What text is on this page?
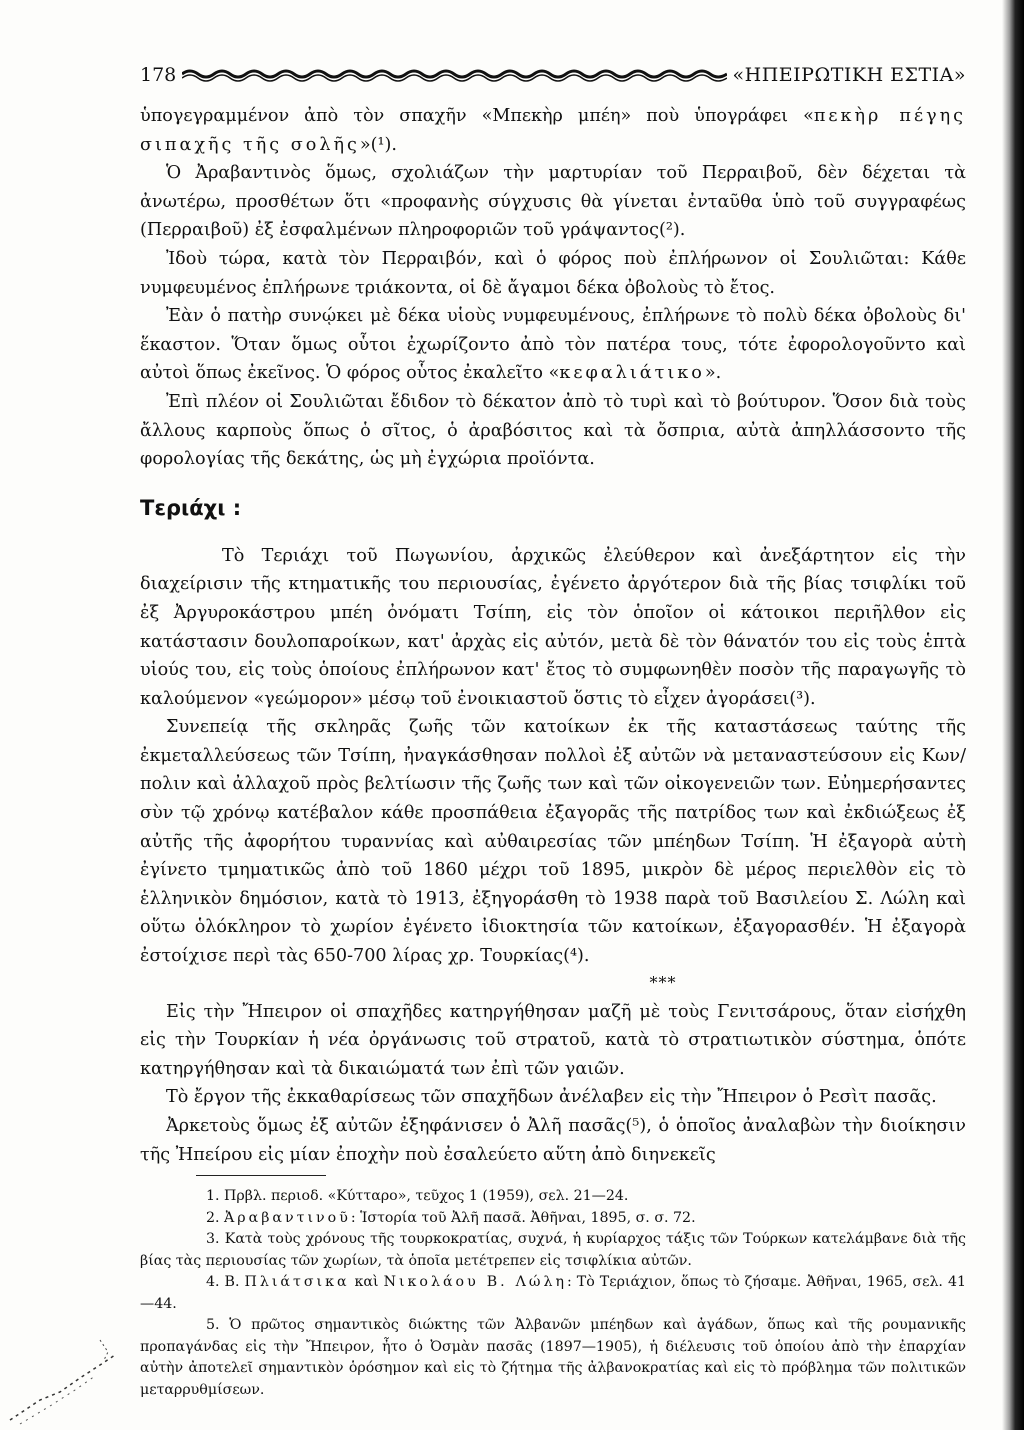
178	«ΗΠΕΙΡΩΤΙΚΗ ΕΣΤΙΑ»

ὑπογεγραμμένον ἀπὸ τὸν σπαχῆν «Μπεκὴρ μπέη» ποὺ ὑπογράφει «πεκὴρ πέγης σιπαχῆς τῆς σολῆς»(¹).

Ὁ Ἀραβαντινὸς ὅμως, σχολιάζων τὴν μαρτυρίαν τοῦ Περραιβοῦ, δὲν δέχεται τὰ ἀνωτέρω, προσθέτων ὅτι «προφανὴς σύγχυσις θὰ γίνεται ἐνταῦθα ὑπὸ τοῦ συγγραφέως (Περραιβοῦ) ἐξ ἐσφαλμένων πληροφοριῶν τοῦ γράψαντος(²).

Ἰδοὺ τώρα, κατὰ τὸν Περραιβόν, καὶ ὁ φόρος ποὺ ἐπλήρωνον οἱ Σουλιῶται: Κάθε νυμφευμένος ἐπλήρωνε τριάκοντα, οἱ δὲ ἄγαμοι δέκα ὀβολοὺς τὸ ἔτος.

Ἐὰν ὁ πατὴρ συνῴκει μὲ δέκα υἱοὺς νυμφευμένους, ἐπλήρωνε τὸ πολὺ δέκα ὀβολοὺς δι' ἕκαστον. Ὅταν ὅμως οὗτοι ἐχωρίζοντο ἀπὸ τὸν πατέρα τους, τότε ἐφορολογοῦντο καὶ αὐτοὶ ὅπως ἐκεῖνος. Ὁ φόρος οὗτος ἐκαλεῖτο «κεφαλιάτικο».

Ἐπὶ πλέον οἱ Σουλιῶται ἔδιδον τὸ δέκατον ἀπὸ τὸ τυρὶ καὶ τὸ βούτυρον. Ὅσον διὰ τοὺς ἄλλους καρποὺς ὅπως ὁ σῖτος, ὁ ἀραβόσιτος καὶ τὰ ὄσπρια, αὐτὰ ἀπηλλάσσοντο τῆς φορολογίας τῆς δεκάτης, ὡς μὴ ἐγχώρια προϊόντα.

Τεριάχι :

Τὸ Τεριάχι τοῦ Πωγωνίου, ἀρχικῶς ἐλεύθερον καὶ ἀνεξάρτητον εἰς τὴν διαχείρισιν τῆς κτηματικῆς του περιουσίας, ἐγένετο ἀργότερον διὰ τῆς βίας τσιφλίκι τοῦ ἐξ Ἀργυροκάστρου μπέη ὀνόματι Τσίπη, εἰς τὸν ὁποῖον οἱ κάτοικοι περιῆλθον εἰς κατάστασιν δουλοπαροίκων, κατ' ἀρχὰς εἰς αὐτόν, μετὰ δὲ τὸν θάνατόν του εἰς τοὺς ἑπτὰ υἱούς του, εἰς τοὺς ὁποίους ἐπλήρωνον κατ' ἔτος τὸ συμφωνηθὲν ποσὸν τῆς παραγωγῆς τὸ καλούμενον «γεώμορον» μέσῳ τοῦ ἐνοικιαστοῦ ὅστις τὸ εἶχεν ἀγοράσει(³).

Συνεπείᾳ τῆς σκληρᾶς ζωῆς τῶν κατοίκων ἐκ τῆς καταστάσεως ταύτης τῆς ἐκμεταλλεύσεως τῶν Τσίπη, ἠναγκάσθησαν πολλοὶ ἐξ αὐτῶν νὰ μεταναστεύσουν εἰς Κων/πολιν καὶ ἀλλαχοῦ πρὸς βελτίωσιν τῆς ζωῆς των καὶ τῶν οἰκογενειῶν των. Εὐημερήσαντες σὺν τῷ χρόνῳ κατέβαλον κάθε προσπάθεια ἐξαγορᾶς τῆς πατρίδος των καὶ ἐκδιώξεως ἐξ αὐτῆς τῆς ἀφορήτου τυραννίας καὶ αὐθαιρεσίας τῶν μπέηδων Τσίπη. Ἡ ἐξαγορὰ αὐτὴ ἐγίνετο τμηματικῶς ἀπὸ τοῦ 1860 μέχρι τοῦ 1895, μικρὸν δὲ μέρος περιελθὸν εἰς τὸ ἑλληνικὸν δημόσιον, κατὰ τὸ 1913, ἐξηγοράσθη τὸ 1938 παρὰ τοῦ Βασιλείου Σ. Λώλη καὶ οὕτω ὁλόκληρον τὸ χωρίον ἐγένετο ἰδιοκτησία τῶν κατοίκων, ἐξαγορασθέν. Ἡ ἐξαγορὰ ἐστοίχισε περὶ τὰς 650-700 λίρας χρ. Τουρκίας(⁴).

***

Εἰς τὴν Ἤπειρον οἱ σπαχῆδες κατηργήθησαν μαζῆ μὲ τοὺς Γενιτσάρους, ὅταν εἰσήχθη εἰς τὴν Τουρκίαν ἡ νέα ὀργάνωσις τοῦ στρατοῦ, κατὰ τὸ στρατιωτικὸν σύστημα, ὁπότε κατηργήθησαν καὶ τὰ δικαιώματά των ἐπὶ τῶν γαιῶν.

Τὸ ἔργον τῆς ἐκκαθαρίσεως τῶν σπαχῆδων ἀνέλαβεν εἰς τὴν Ἤπειρον ὁ Ρεσὶτ πασᾶς.

Ἀρκετοὺς ὅμως ἐξ αὐτῶν ἐξηφάνισεν ὁ Ἀλῆ πασᾶς(⁵), ὁ ὁποῖος ἀναλαβὼν τὴν διοίκησιν τῆς Ἠπείρου εἰς μίαν ἐποχὴν ποὺ ἐσαλεύετο αὕτη ἀπὸ διηνεκεῖς

1. Πρβλ. περιοδ. «Κύτταρο», τεῦχος 1 (1959), σελ. 21—24.

2. Ἀραβαντινοῦ: Ἱστορία τοῦ Ἀλῆ πασᾶ. Ἀθῆναι, 1895, σ. σ. 72.

3. Κατὰ τοὺς χρόνους τῆς τουρκοκρατίας, συχνά, ἡ κυρίαρχος τάξις τῶν Τούρκων κατελάμβανε διὰ τῆς βίας τὰς περιουσίας τῶν χωρίων, τὰ ὁποῖα μετέτρεπεν εἰς τσιφλίκια αὐτῶν.

4. Β. Πλιάτσικα καὶ Νικολάου Β. Λώλη: Τὸ Τεριάχιον, ὅπως τὸ ζήσαμε. Ἀθῆναι, 1965, σελ. 41—44.

5. Ὁ πρῶτος σημαντικὸς διώκτης τῶν Ἀλβανῶν μπέηδων καὶ ἀγάδων, ὅπως καὶ τῆς ρουμανικῆς προπαγάνδας εἰς τὴν Ἤπειρον, ἦτο ὁ Ὀσμὰν πασᾶς (1897—1905), ἡ διέλευσις τοῦ ὁποίου ἀπὸ τὴν ἐπαρχίαν αὐτὴν ἀποτελεῖ σημαντικὸν ὁρόσημον καὶ εἰς τὸ ζήτημα τῆς ἀλβανοκρατίας καὶ εἰς τὸ πρόβλημα τῶν πολιτικῶν μεταρρυθμίσεων.
